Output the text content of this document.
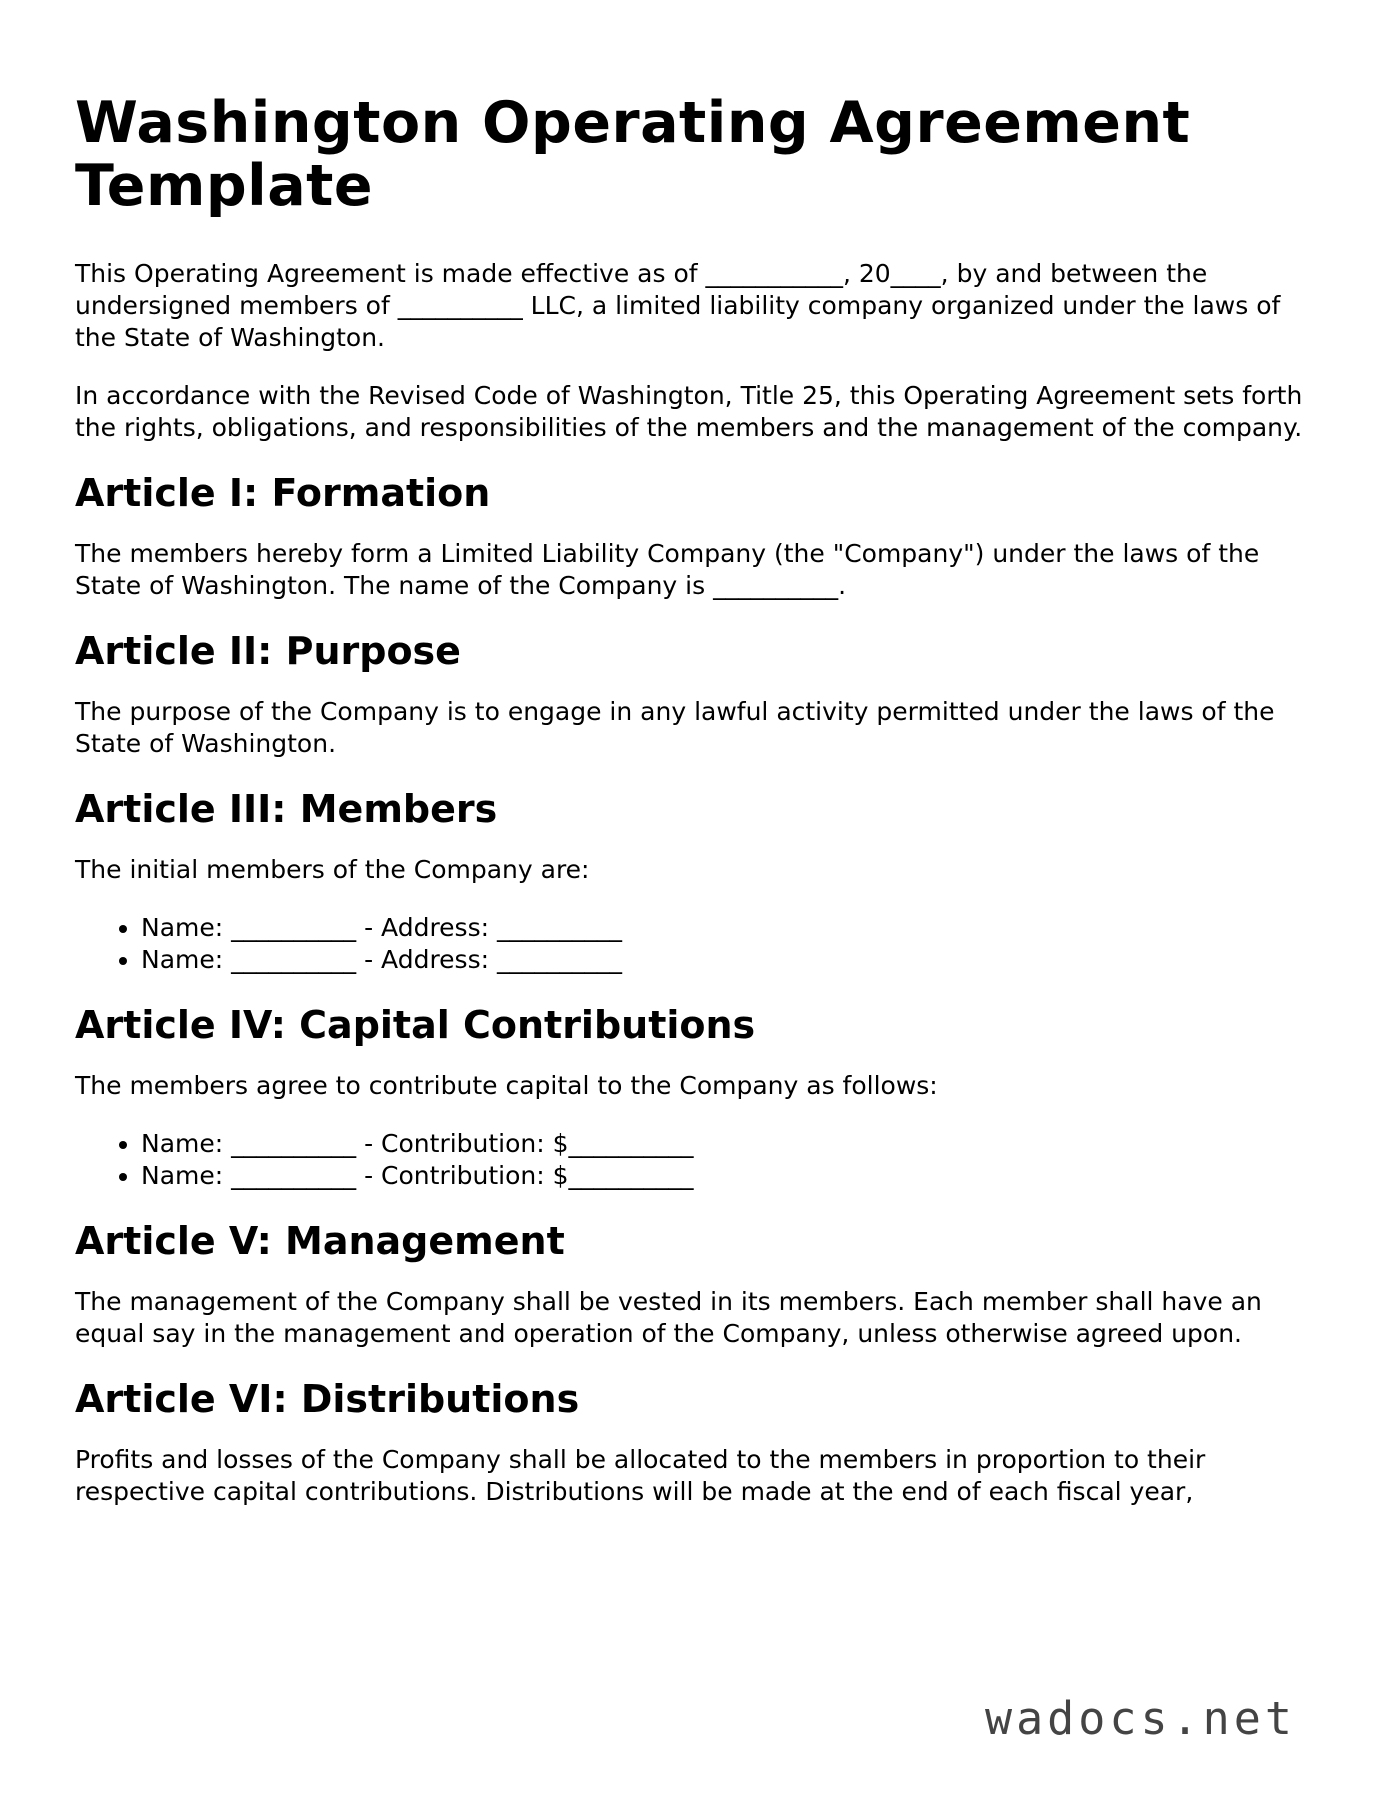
Washington Operating Agreement Template

This Operating Agreement is made effective as of ___________, 20____, by and between the undersigned members of __________ LLC, a limited liability company organized under the laws of the State of Washington.

In accordance with the Revised Code of Washington, Title 25, this Operating Agreement sets forth the rights, obligations, and responsibilities of the members and the management of the company.

Article I: Formation

The members hereby form a Limited Liability Company (the "Company") under the laws of the State of Washington. The name of the Company is __________.

Article II: Purpose

The purpose of the Company is to engage in any lawful activity permitted under the laws of the State of Washington.

Article III: Members

The initial members of the Company are:

• Name: __________ - Address: __________
• Name: __________ - Address: __________
Article IV: Capital Contributions

The members agree to contribute capital to the Company as follows:

• Name: __________ - Contribution: $__________
• Name: __________ - Contribution: $__________
Article V: Management

The management of the Company shall be vested in its members. Each member shall have an equal say in the management and operation of the Company, unless otherwise agreed upon.

Article VI: Distributions

Profits and losses of the Company shall be allocated to the members in proportion to their respective capital contributions. Distributions will be made at the end of each fiscal year,

wadocs.net
